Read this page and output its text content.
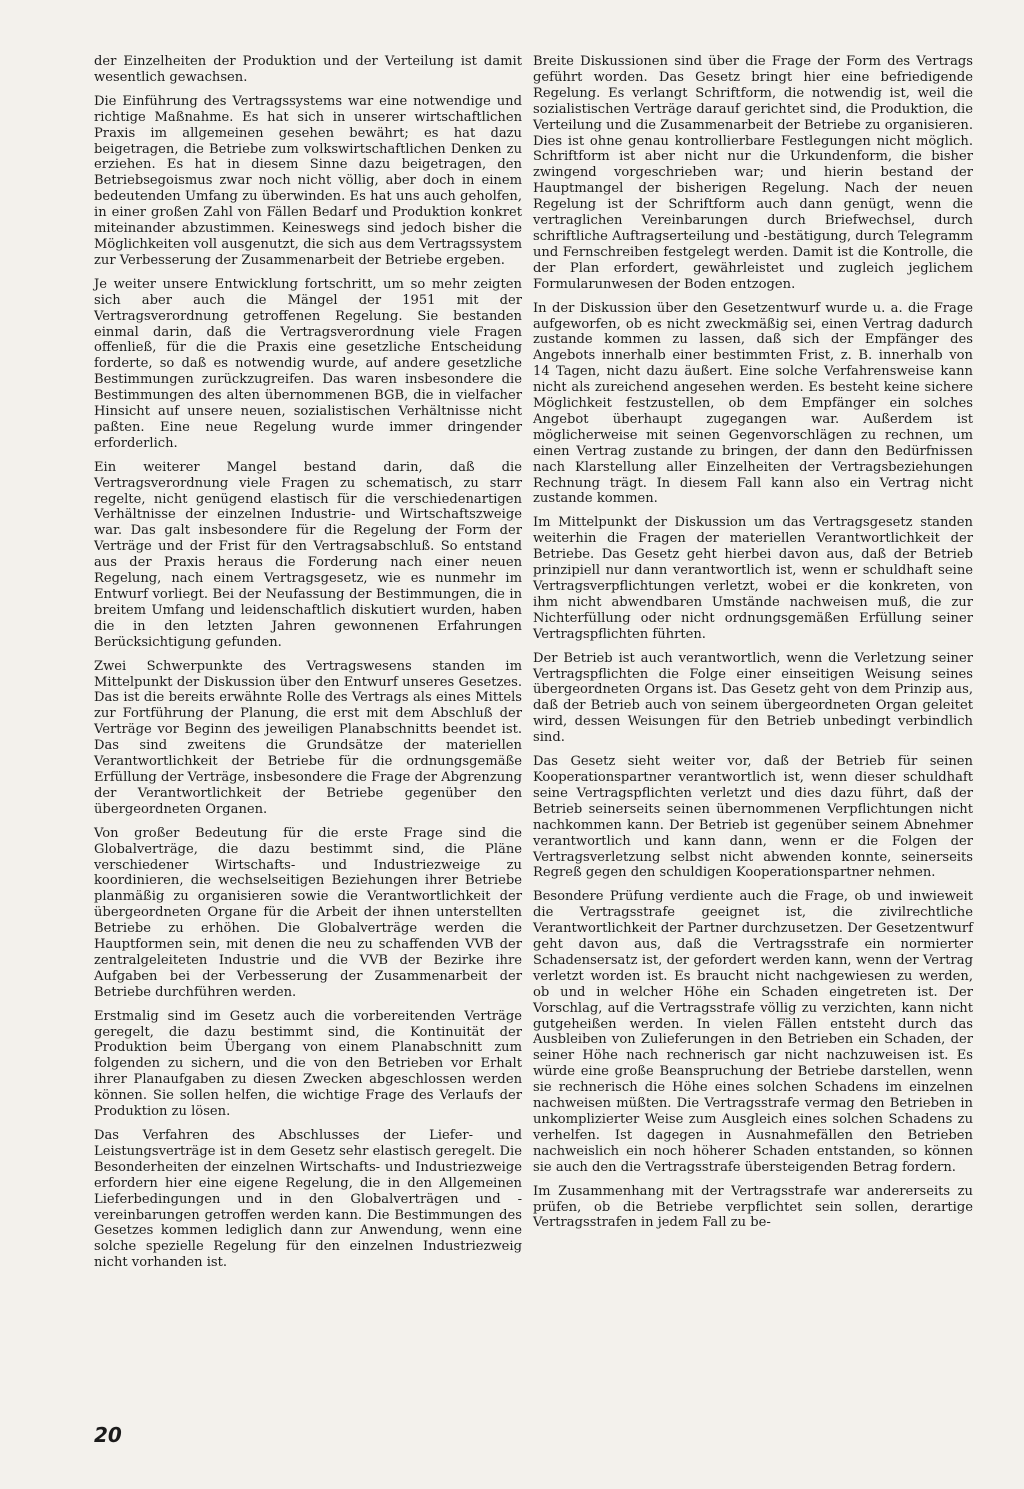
der Einzelheiten der Produktion und der Verteilung ist damit wesentlich gewachsen.

Die Einführung des Vertragssystems war eine notwendige und richtige Maßnahme. Es hat sich in unserer wirtschaftlichen Praxis im allgemeinen gesehen bewährt; es hat dazu beigetragen, die Betriebe zum volkswirtschaftlichen Denken zu erziehen. Es hat in diesem Sinne dazu beigetragen, den Betriebsegoismus zwar noch nicht völlig, aber doch in einem bedeutenden Umfang zu überwinden. Es hat uns auch geholfen, in einer großen Zahl von Fällen Bedarf und Produktion konkret miteinander abzustimmen. Keineswegs sind jedoch bisher die Möglichkeiten voll ausgenutzt, die sich aus dem Vertragssystem zur Verbesserung der Zusammenarbeit der Betriebe ergeben.

Je weiter unsere Entwicklung fortschritt, um so mehr zeigten sich aber auch die Mängel der 1951 mit der Vertragsverordnung getroffenen Regelung. Sie bestanden einmal darin, daß die Vertragsverordnung viele Fragen offenließ, für die die Praxis eine gesetzliche Entscheidung forderte, so daß es notwendig wurde, auf andere gesetzliche Bestimmungen zurückzugreifen. Das waren insbesondere die Bestimmungen des alten übernommenen BGB, die in vielfacher Hinsicht auf unsere neuen, sozialistischen Verhältnisse nicht paßten. Eine neue Regelung wurde immer dringender erforderlich.

Ein weiterer Mangel bestand darin, daß die Vertragsverordnung viele Fragen zu schematisch, zu starr regelte, nicht genügend elastisch für die verschiedenartigen Verhältnisse der einzelnen Industrie- und Wirtschaftszweige war. Das galt insbesondere für die Regelung der Form der Verträge und der Frist für den Vertragsabschluß. So entstand aus der Praxis heraus die Forderung nach einer neuen Regelung, nach einem Vertragsgesetz, wie es nunmehr im Entwurf vorliegt. Bei der Neufassung der Bestimmungen, die in breitem Umfang und leidenschaftlich diskutiert wurden, haben die in den letzten Jahren gewonnenen Erfahrungen Berücksichtigung gefunden.

Zwei Schwerpunkte des Vertragswesens standen im Mittelpunkt der Diskussion über den Entwurf unseres Gesetzes. Das ist die bereits erwähnte Rolle des Vertrags als eines Mittels zur Fortführung der Planung, die erst mit dem Abschluß der Verträge vor Beginn des jeweiligen Planabschnitts beendet ist. Das sind zweitens die Grundsätze der materiellen Verantwortlichkeit der Betriebe für die ordnungsgemäße Erfüllung der Verträge, insbesondere die Frage der Abgrenzung der Verantwortlichkeit der Betriebe gegenüber den übergeordneten Organen.

Von großer Bedeutung für die erste Frage sind die Globalverträge, die dazu bestimmt sind, die Pläne verschiedener Wirtschafts- und Industriezweige zu koordinieren, die wechselseitigen Beziehungen ihrer Betriebe planmäßig zu organisieren sowie die Verantwortlichkeit der übergeordneten Organe für die Arbeit der ihnen unterstellten Betriebe zu erhöhen. Die Globalverträge werden die Hauptformen sein, mit denen die neu zu schaffenden VVB der zentralgeleiteten Industrie und die VVB der Bezirke ihre Aufgaben bei der Verbesserung der Zusammenarbeit der Betriebe durchführen werden.

Erstmalig sind im Gesetz auch die vorbereitenden Verträge geregelt, die dazu bestimmt sind, die Kontinuität der Produktion beim Übergang von einem Planabschnitt zum folgenden zu sichern, und die von den Betrieben vor Erhalt ihrer Planaufgaben zu diesen Zwecken abgeschlossen werden können. Sie sollen helfen, die wichtige Frage des Verlaufs der Produktion zu lösen.

Das Verfahren des Abschlusses der Liefer- und Leistungsverträge ist in dem Gesetz sehr elastisch geregelt. Die Besonderheiten der einzelnen Wirtschafts- und Industriezweige erfordern hier eine eigene Regelung, die in den Allgemeinen Lieferbedingungen und in den Globalverträgen und -vereinbarungen getroffen werden kann. Die Bestimmungen des Gesetzes kommen lediglich dann zur Anwendung, wenn eine solche spezielle Regelung für den einzelnen Industriezweig nicht vorhanden ist.

Breite Diskussionen sind über die Frage der Form des Vertrags geführt worden. Das Gesetz bringt hier eine befriedigende Regelung. Es verlangt Schriftform, die notwendig ist, weil die sozialistischen Verträge darauf gerichtet sind, die Produktion, die Verteilung und die Zusammenarbeit der Betriebe zu organisieren. Dies ist ohne genau kontrollierbare Festlegungen nicht möglich. Schriftform ist aber nicht nur die Urkundenform, die bisher zwingend vorgeschrieben war; und hierin bestand der Hauptmangel der bisherigen Regelung. Nach der neuen Regelung ist der Schriftform auch dann genügt, wenn die vertraglichen Vereinbarungen durch Briefwechsel, durch schriftliche Auftragserteilung und -bestätigung, durch Telegramm und Fernschreiben festgelegt werden. Damit ist die Kontrolle, die der Plan erfordert, gewährleistet und zugleich jeglichem Formularunwesen der Boden entzogen.

In der Diskussion über den Gesetzentwurf wurde u. a. die Frage aufgeworfen, ob es nicht zweckmäßig sei, einen Vertrag dadurch zustande kommen zu lassen, daß sich der Empfänger des Angebots innerhalb einer bestimmten Frist, z. B. innerhalb von 14 Tagen, nicht dazu äußert. Eine solche Verfahrensweise kann nicht als zureichend angesehen werden. Es besteht keine sichere Möglichkeit festzustellen, ob dem Empfänger ein solches Angebot überhaupt zugegangen war. Außerdem ist möglicherweise mit seinen Gegenvorschlägen zu rechnen, um einen Vertrag zustande zu bringen, der dann den Bedürfnissen nach Klarstellung aller Einzelheiten der Vertragsbeziehungen Rechnung trägt. In diesem Fall kann also ein Vertrag nicht zustande kommen.

Im Mittelpunkt der Diskussion um das Vertragsgesetz standen weiterhin die Fragen der materiellen Verantwortlichkeit der Betriebe. Das Gesetz geht hierbei davon aus, daß der Betrieb prinzipiell nur dann verantwortlich ist, wenn er schuldhaft seine Vertragsverpflichtungen verletzt, wobei er die konkreten, von ihm nicht abwendbaren Umstände nachweisen muß, die zur Nichterfüllung oder nicht ordnungsgemäßen Erfüllung seiner Vertragspflichten führten.

Der Betrieb ist auch verantwortlich, wenn die Verletzung seiner Vertragspflichten die Folge einer einseitigen Weisung seines übergeordneten Organs ist. Das Gesetz geht von dem Prinzip aus, daß der Betrieb auch von seinem übergeordneten Organ geleitet wird, dessen Weisungen für den Betrieb unbedingt verbindlich sind.

Das Gesetz sieht weiter vor, daß der Betrieb für seinen Kooperationspartner verantwortlich ist, wenn dieser schuldhaft seine Vertragspflichten verletzt und dies dazu führt, daß der Betrieb seinerseits seinen übernommenen Verpflichtungen nicht nachkommen kann. Der Betrieb ist gegenüber seinem Abnehmer verantwortlich und kann dann, wenn er die Folgen der Vertragsverletzung selbst nicht abwenden konnte, seinerseits Regreß gegen den schuldigen Kooperationspartner nehmen.

Besondere Prüfung verdiente auch die Frage, ob und inwieweit die Vertragsstrafe geeignet ist, die zivilrechtliche Verantwortlichkeit der Partner durchzusetzen. Der Gesetzentwurf geht davon aus, daß die Vertragsstrafe ein normierter Schadensersatz ist, der gefordert werden kann, wenn der Vertrag verletzt worden ist. Es braucht nicht nachgewiesen zu werden, ob und in welcher Höhe ein Schaden eingetreten ist. Der Vorschlag, auf die Vertragsstrafe völlig zu verzichten, kann nicht gutgeheißen werden. In vielen Fällen entsteht durch das Ausbleiben von Zulieferungen in den Betrieben ein Schaden, der seiner Höhe nach rechnerisch gar nicht nachzuweisen ist. Es würde eine große Beanspruchung der Betriebe darstellen, wenn sie rechnerisch die Höhe eines solchen Schadens im einzelnen nachweisen müßten. Die Vertragsstrafe vermag den Betrieben in unkomplizierter Weise zum Ausgleich eines solchen Schadens zu verhelfen. Ist dagegen in Ausnahmefällen den Betrieben nachweislich ein noch höherer Schaden entstanden, so können sie auch den die Vertragsstrafe übersteigenden Betrag fordern.

Im Zusammenhang mit der Vertragsstrafe war andererseits zu prüfen, ob die Betriebe verpflichtet sein sollen, derartige Vertragsstrafen in jedem Fall zu be-

20
